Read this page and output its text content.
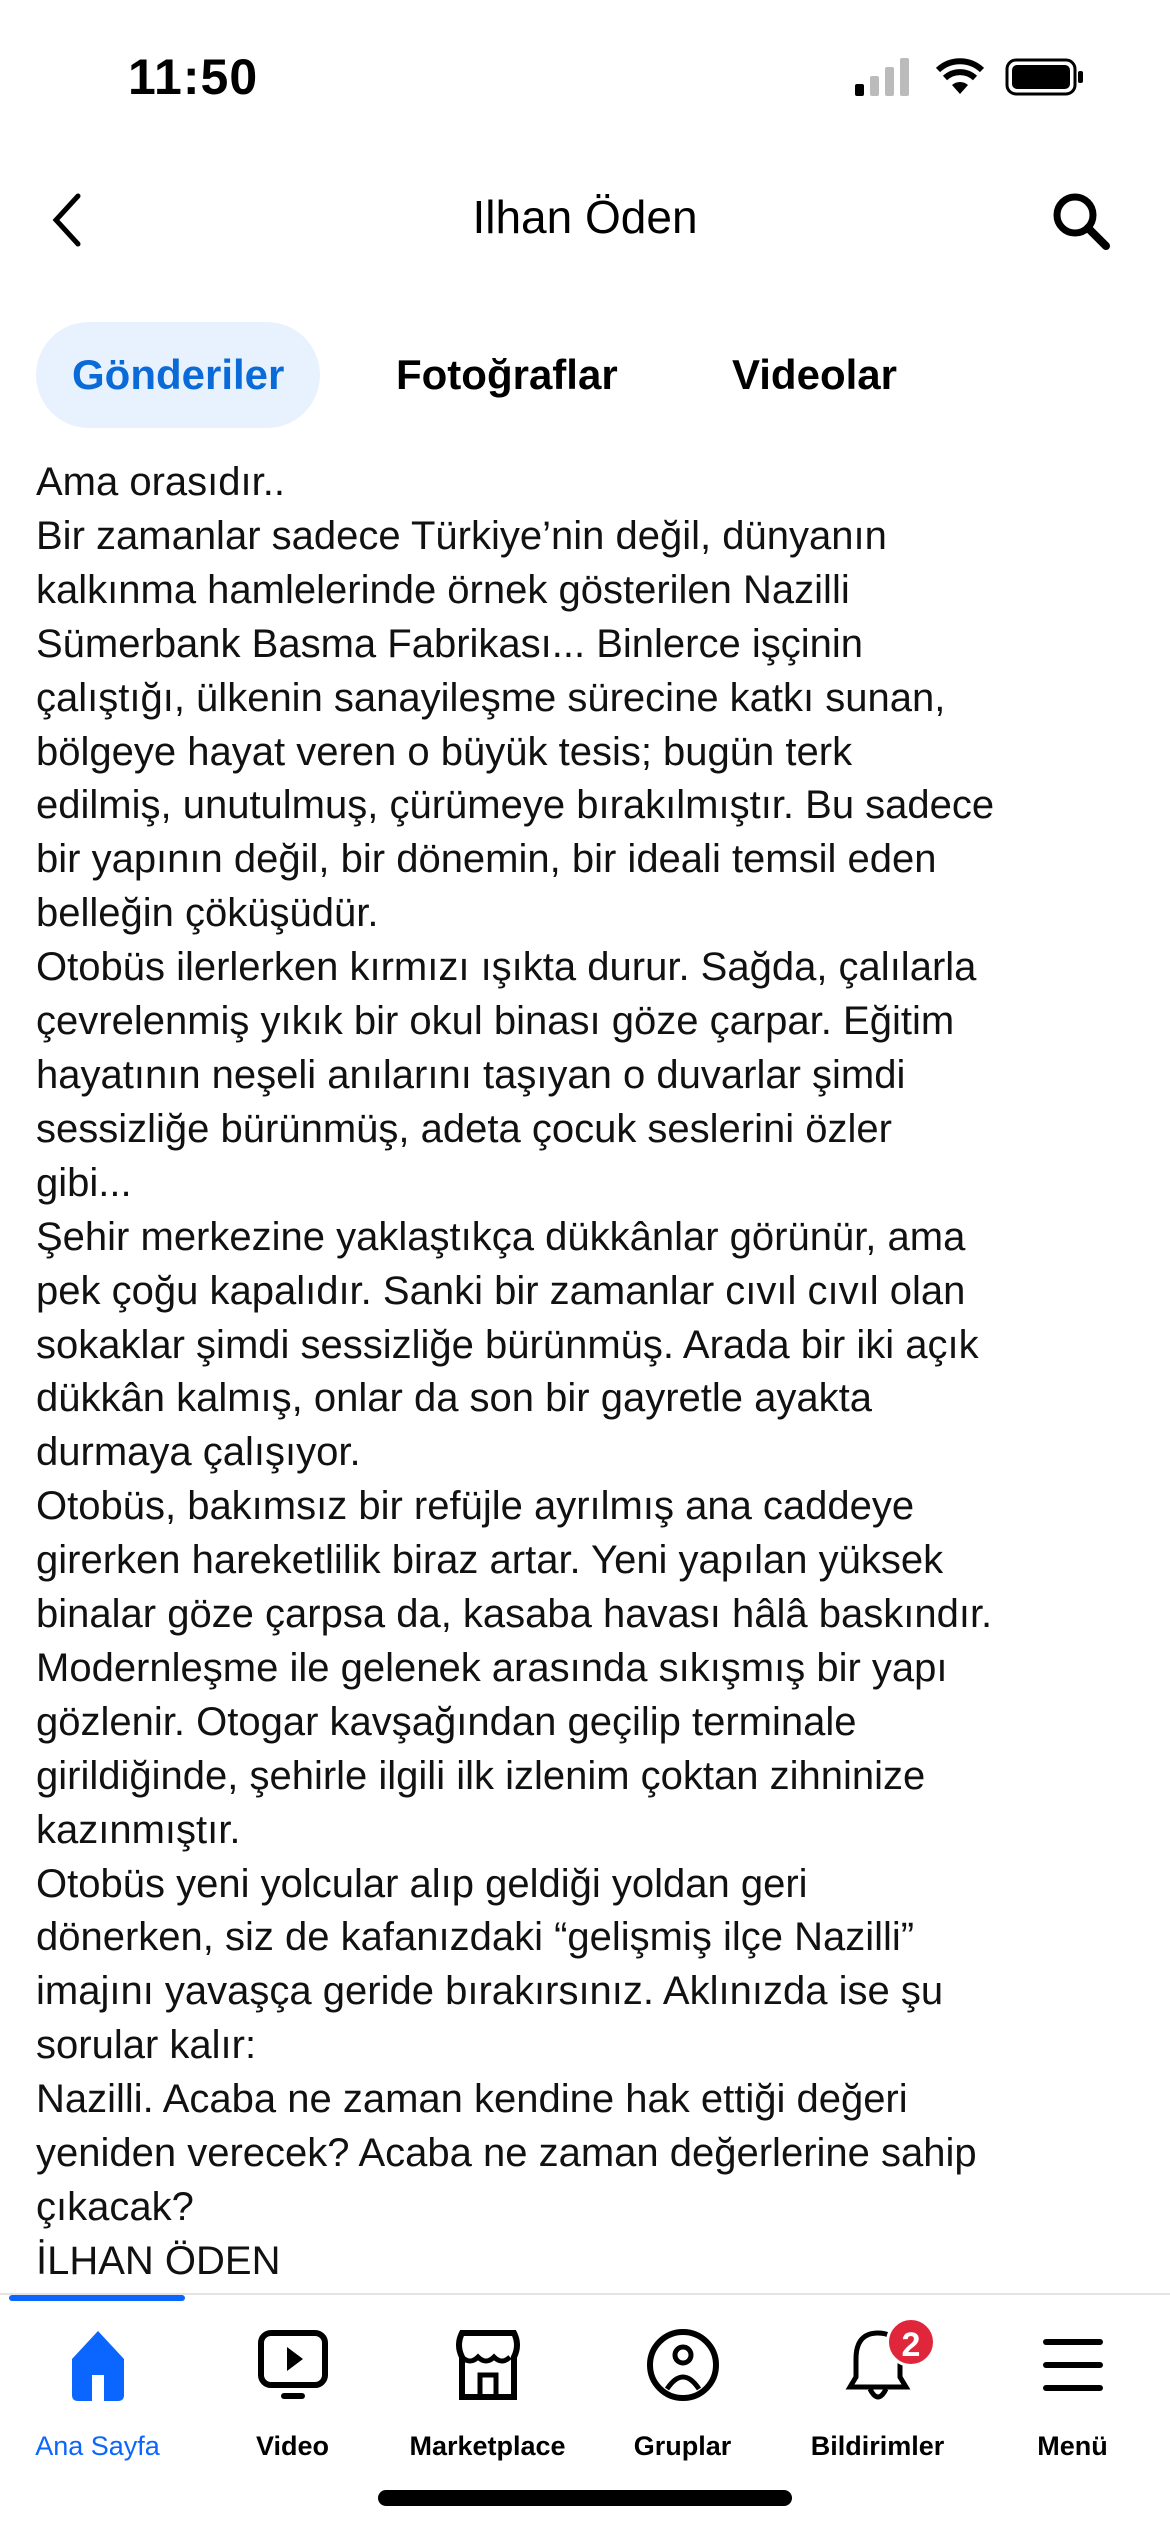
11:50
Ilhan Öden
Gönderiler	Fotoğraflar	Videolar
Ama orasıdır..
Bir zamanlar sadece Türkiye’nin değil, dünyanın
kalkınma hamlelerinde örnek gösterilen Nazilli
Sümerbank Basma Fabrikası... Binlerce işçinin
çalıştığı, ülkenin sanayileşme sürecine katkı sunan,
bölgeye hayat veren o büyük tesis; bugün terk
edilmiş, unutulmuş, çürümeye bırakılmıştır. Bu sadece
bir yapının değil, bir dönemin, bir ideali temsil eden
belleğin çöküşüdür.
Otobüs ilerlerken kırmızı ışıkta durur. Sağda, çalılarla
çevrelenmiş yıkık bir okul binası göze çarpar. Eğitim
hayatının neşeli anılarını taşıyan o duvarlar şimdi
sessizliğe bürünmüş, adeta çocuk seslerini özler
gibi...
Şehir merkezine yaklaştıkça dükkânlar görünür, ama
pek çoğu kapalıdır. Sanki bir zamanlar cıvıl cıvıl olan
sokaklar şimdi sessizliğe bürünmüş. Arada bir iki açık
dükkân kalmış, onlar da son bir gayretle ayakta
durmaya çalışıyor.
Otobüs, bakımsız bir refüjle ayrılmış ana caddeye
girerken hareketlilik biraz artar. Yeni yapılan yüksek
binalar göze çarpsa da, kasaba havası hâlâ baskındır.
Modernleşme ile gelenek arasında sıkışmış bir yapı
gözlenir. Otogar kavşağından geçilip terminale
girildiğinde, şehirle ilgili ilk izlenim çoktan zihninize
kazınmıştır.
Otobüs yeni yolcular alıp geldiği yoldan geri
dönerken, siz de kafanızdaki “gelişmiş ilçe Nazilli”
imajını yavaşça geride bırakırsınız. Aklınızda ise şu
sorular kalır:
Nazilli. Acaba ne zaman kendine hak ettiği değeri
yeniden verecek? Acaba ne zaman değerlerine sahip
çıkacak?
İLHAN ÖDEN
Ana Sayfa	Video	Marketplace	Gruplar
2
Bildirimler	Menü
